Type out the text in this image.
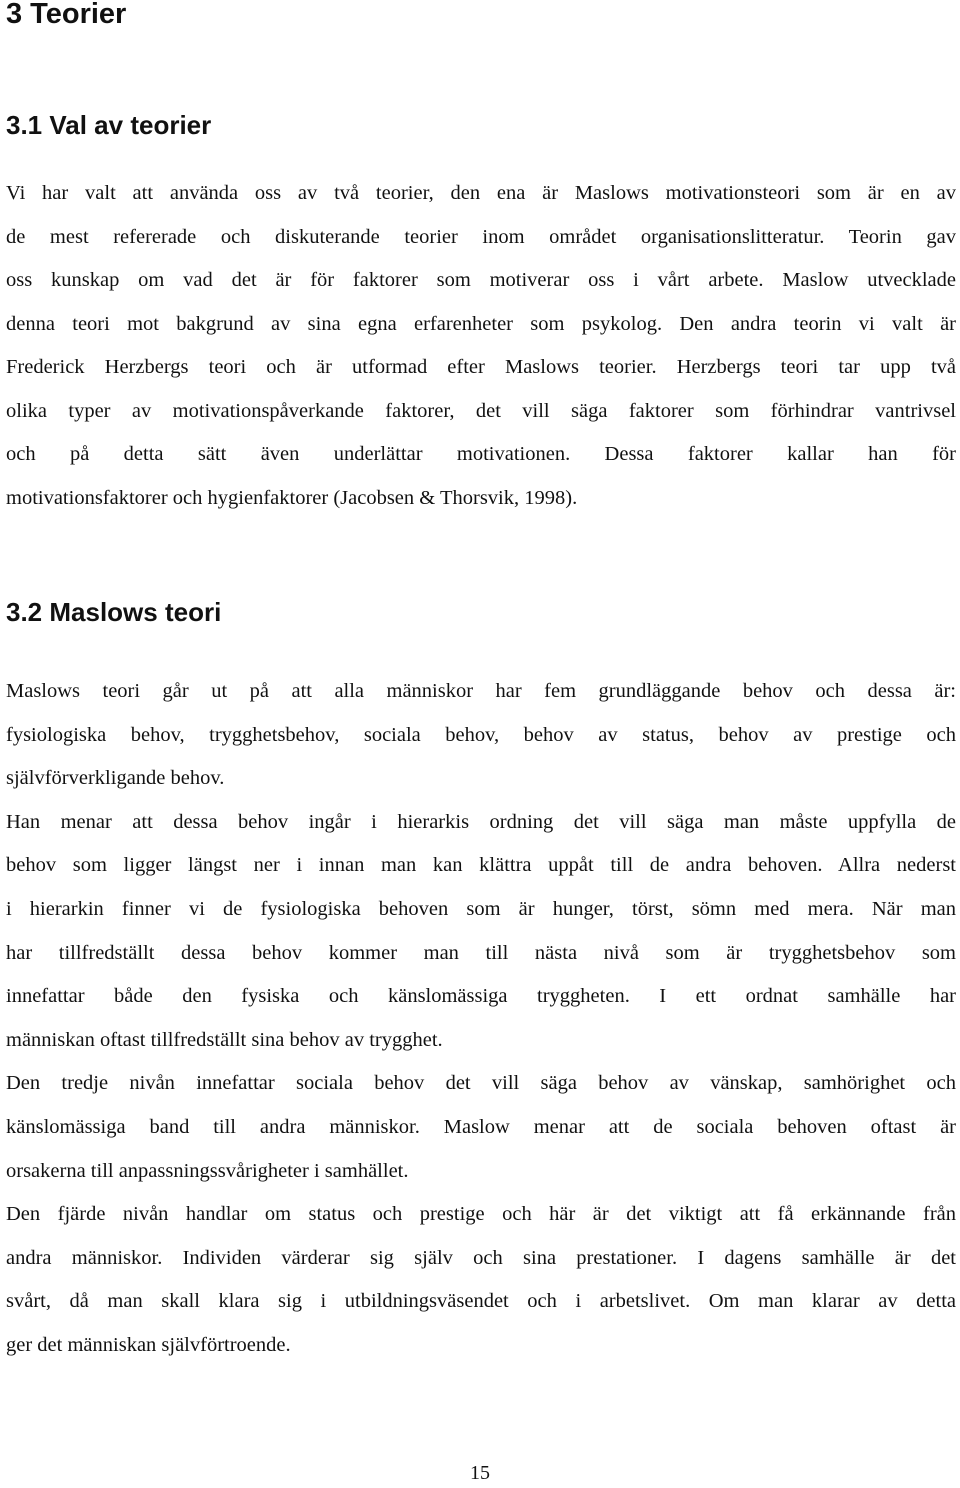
3 Teorier
3.1 Val av teorier

Vi har valt att använda oss av två teorier, den ena är Maslows motivationsteori som är en av
de mest refererade och diskuterande teorier inom området organisationslitteratur. Teorin gav
oss kunskap om vad det är för faktorer som motiverar oss i vårt arbete. Maslow utvecklade
denna teori mot bakgrund av sina egna erfarenheter som psykolog. Den andra teorin vi valt är
Frederick Herzbergs teori och är utformad efter Maslows teorier. Herzbergs teori tar upp två
olika typer av motivationspåverkande faktorer, det vill säga faktorer som förhindrar vantrivsel
och på detta sätt även underlättar motivationen. Dessa faktorer kallar han för
motivationsfaktorer och hygienfaktorer (Jacobsen & Thorsvik, 1998).

3.2 Maslows teori

Maslows teori går ut på att alla människor har fem grundläggande behov och dessa är:
fysiologiska behov, trygghetsbehov, sociala behov, behov av status, behov av prestige och
självförverkligande behov.
Han menar att dessa behov ingår i hierarkis ordning det vill säga man måste uppfylla de
behov som ligger längst ner i innan man kan klättra uppåt till de andra behoven. Allra nederst
i hierarkin finner vi de fysiologiska behoven som är hunger, törst, sömn med mera. När man
har tillfredställt dessa behov kommer man till nästa nivå som är trygghetsbehov som
innefattar både den fysiska och känslomässiga tryggheten. I ett ordnat samhälle har
människan oftast tillfredställt sina behov av trygghet.
Den tredje nivån innefattar sociala behov det vill säga behov av vänskap, samhörighet och
känslomässiga band till andra människor. Maslow menar att de sociala behoven oftast är
orsakerna till anpassningssvårigheter i samhället.
Den fjärde nivån handlar om status och prestige och här är det viktigt att få erkännande från
andra människor. Individen värderar sig själv och sina prestationer. I dagens samhälle är det
svårt, då man skall klara sig i utbildningsväsendet och i arbetslivet. Om man klarar av detta
ger det människan självförtroende.

15
